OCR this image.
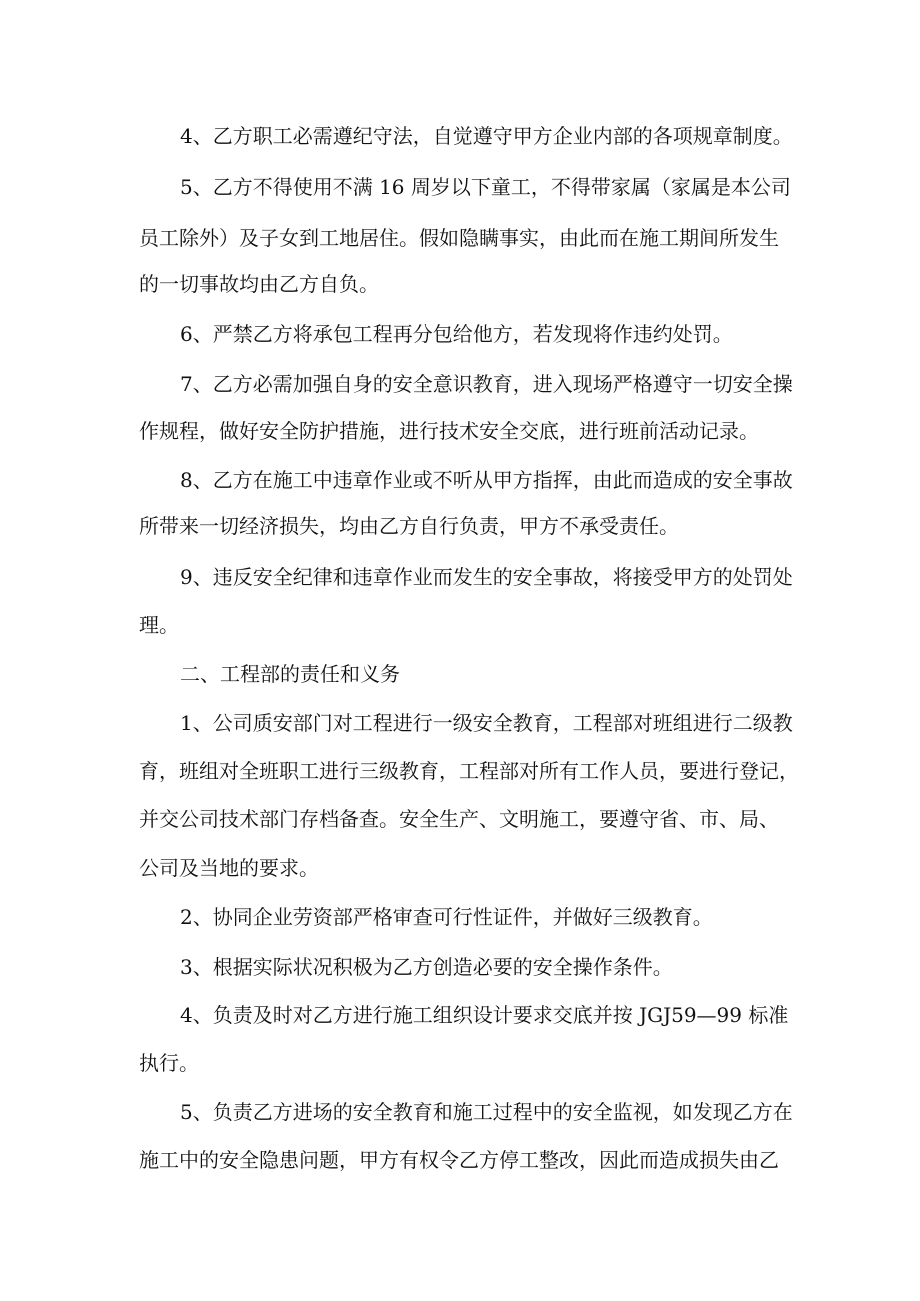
4、乙方职工必需遵纪守法，自觉遵守甲方企业内部的各项规章制度。

5、乙方不得使用不满 16 周岁以下童工，不得带家属（家属是本公司

员工除外）及子女到工地居住。假如隐瞒事实，由此而在施工期间所发生

的一切事故均由乙方自负。

6、严禁乙方将承包工程再分包给他方，若发现将作违约处罚。

7、乙方必需加强自身的安全意识教育，进入现场严格遵守一切安全操

作规程，做好安全防护措施，进行技术安全交底，进行班前活动记录。

8、乙方在施工中违章作业或不听从甲方指挥，由此而造成的安全事故

所带来一切经济损失，均由乙方自行负责，甲方不承受责任。

9、违反安全纪律和违章作业而发生的安全事故，将接受甲方的处罚处

理。

二、工程部的责任和义务

1、公司质安部门对工程进行一级安全教育，工程部对班组进行二级教

育，班组对全班职工进行三级教育，工程部对所有工作人员，要进行登记，

并交公司技术部门存档备查。安全生产、文明施工，要遵守省、市、局、

公司及当地的要求。

2、协同企业劳资部严格审查可行性证件，并做好三级教育。

3、根据实际状况积极为乙方创造必要的安全操作条件。

4、负责及时对乙方进行施工组织设计要求交底并按 JGJ59—99 标准

执行。

5、负责乙方进场的安全教育和施工过程中的安全监视，如发现乙方在

施工中的安全隐患问题，甲方有权令乙方停工整改，因此而造成损失由乙
